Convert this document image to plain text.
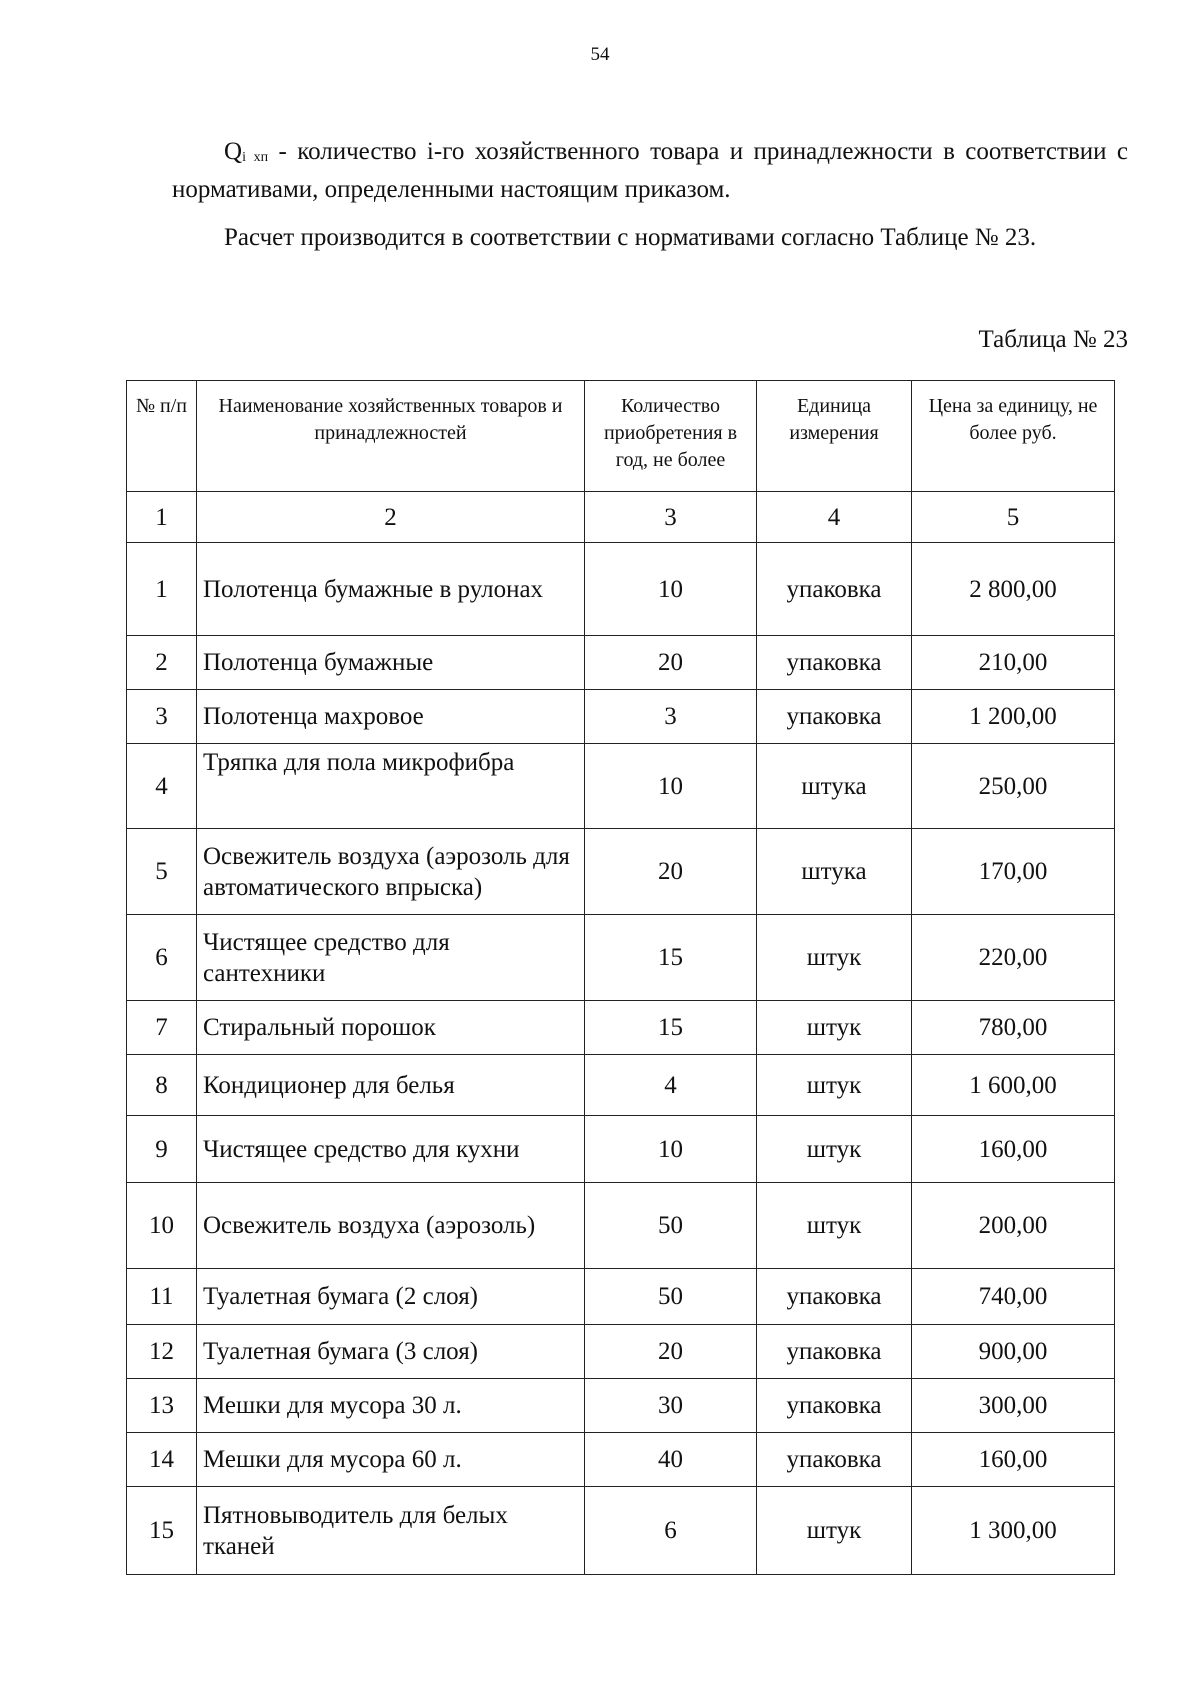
54

Qi хп - количество i-го хозяйственного товара и принадлежности в соответствии с нормативами, определенными настоящим приказом.

Расчет производится в соответствии с нормативами согласно Таблице № 23.

Таблица № 23
№ п/п	Наименование хозяйственных товаров и принадлежностей	Количество приобретения в год, не более	Единица измерения	Цена за единицу, не более руб.
1	2	3	4	5
1	Полотенца бумажные в рулонах	10	упаковка	2 800,00
2	Полотенца бумажные	20	упаковка	210,00
3	Полотенца махровое	3	упаковка	1 200,00
4	Тряпка для пола микрофибра	10	штука	250,00
5	Освежитель воздуха (аэрозоль для автоматического впрыска)	20	штука	170,00
6	Чистящее средство для сантехники	15	штук	220,00
7	Стиральный порошок	15	штук	780,00
8	Кондиционер для белья	4	штук	1 600,00
9	Чистящее средство для кухни	10	штук	160,00
10	Освежитель воздуха (аэрозоль)	50	штук	200,00
11	Туалетная бумага (2 слоя)	50	упаковка	740,00
12	Туалетная бумага (3 слоя)	20	упаковка	900,00
13	Мешки для мусора 30 л.	30	упаковка	300,00
14	Мешки для мусора 60 л.	40	упаковка	160,00
15	Пятновыводитель для белых тканей	6	штук	1 300,00
